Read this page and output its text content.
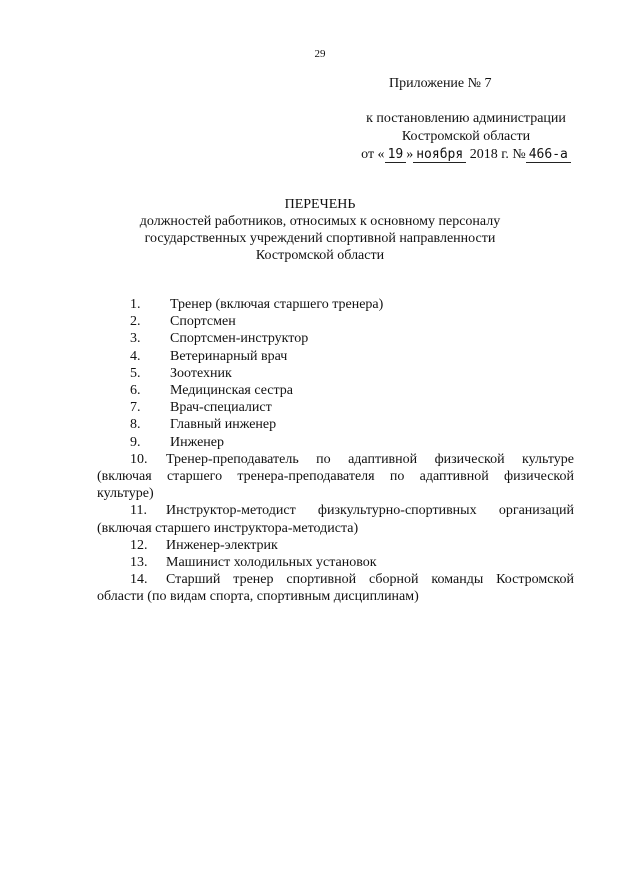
29
Приложение № 7
к постановлению администрации
Костромской области
от « 19 » ноября 2018 г. № 466-а
ПЕРЕЧЕНЬ
должностей работников, относимых к основному персоналу
государственных учреждений спортивной направленности
Костромской области

1. Тренер (включая старшего тренера)

2. Спортсмен

3. Спортсмен-инструктор

4. Ветеринарный врач

5. Зоотехник

6. Медицинская сестра

7. Врач-специалист

8. Главный инженер

9. Инженер

10. Тренер-преподаватель по адаптивной физической культуре (включая старшего тренера-преподавателя по адаптивной физической культуре)

11. Инструктор-методист физкультурно-спортивных организаций (включая старшего инструктора-методиста)

12. Инженер-электрик

13. Машинист холодильных установок

14. Старший тренер спортивной сборной команды Костромской области (по видам спорта, спортивным дисциплинам)
